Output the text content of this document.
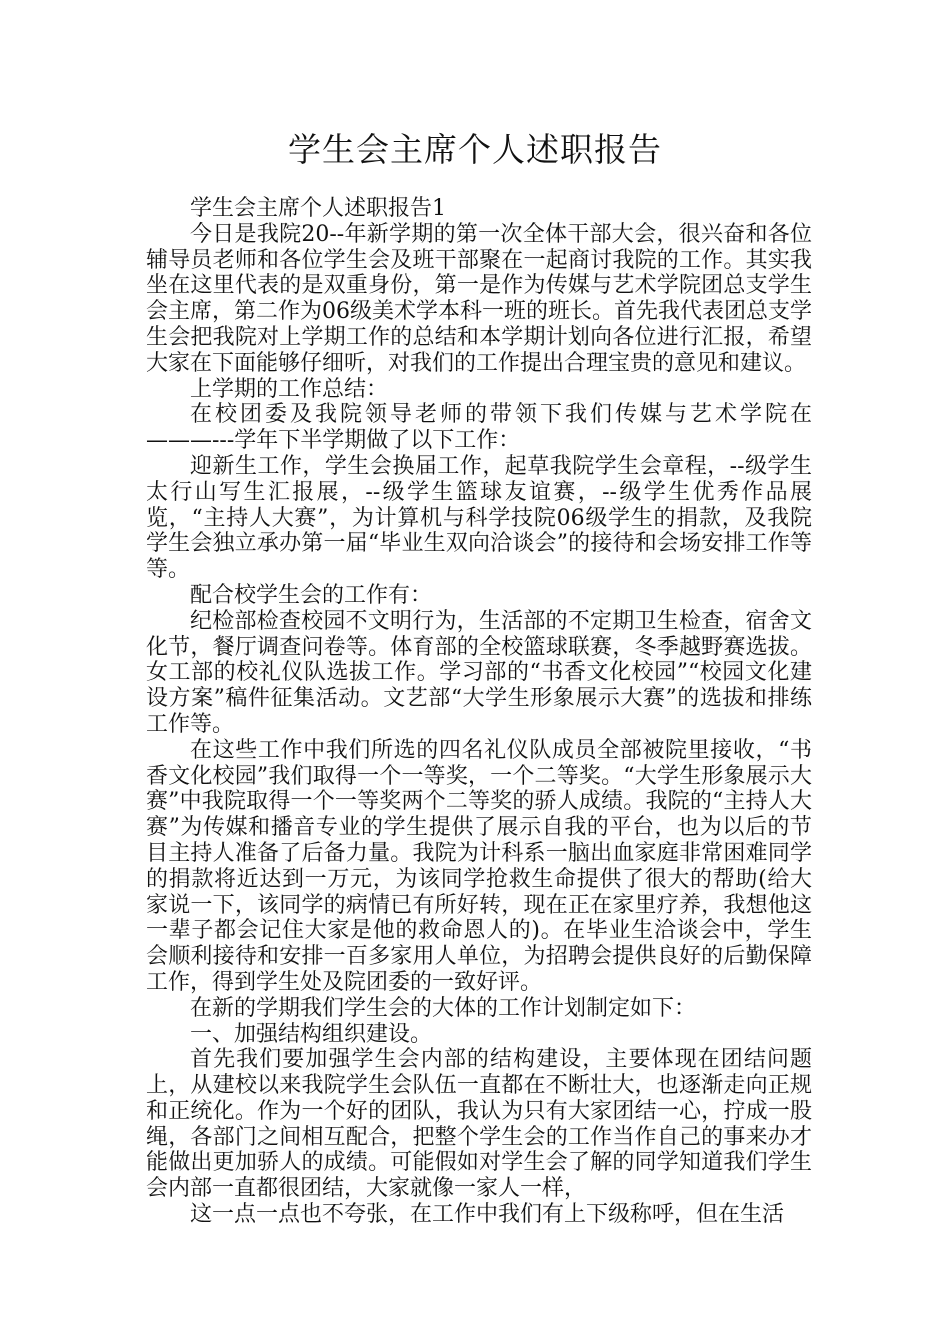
学生会主席个人述职报告

学生会主席个人述职报告1

今日是我院20--年新学期的第一次全体干部大会，很兴奋和各位辅导员老师和各位学生会及班干部聚在一起商讨我院的工作。其实我坐在这里代表的是双重身份，第一是作为传媒与艺术学院团总支学生会主席，第二作为06级美术学本科一班的班长。首先我代表团总支学生会把我院对上学期工作的总结和本学期计划向各位进行汇报，希望大家在下面能够仔细听，对我们的工作提出合理宝贵的意见和建议。

上学期的工作总结：

在校团委及我院领导老师的带领下我们传媒与艺术学院在———---学年下半学期做了以下工作：

迎新生工作，学生会换届工作，起草我院学生会章程，--级学生太行山写生汇报展，--级学生篮球友谊赛，--级学生优秀作品展览，“主持人大赛”，为计算机与科学技院06级学生的捐款，及我院学生会独立承办第一届“毕业生双向洽谈会”的接待和会场安排工作等等。

配合校学生会的工作有：

纪检部检查校园不文明行为，生活部的不定期卫生检查，宿舍文化节，餐厅调查问卷等。体育部的全校篮球联赛，冬季越野赛选拔。女工部的校礼仪队选拔工作。学习部的“书香文化校园”“校园文化建设方案”稿件征集活动。文艺部“大学生形象展示大赛”的选拔和排练工作等。

在这些工作中我们所选的四名礼仪队成员全部被院里接收，“书香文化校园”我们取得一个一等奖，一个二等奖。“大学生形象展示大赛”中我院取得一个一等奖两个二等奖的骄人成绩。我院的“主持人大赛”为传媒和播音专业的学生提供了展示自我的平台，也为以后的节目主持人准备了后备力量。我院为计科系一脑出血家庭非常困难同学的捐款将近达到一万元，为该同学抢救生命提供了很大的帮助(给大家说一下，该同学的病情已有所好转，现在正在家里疗养，我想他这一辈子都会记住大家是他的救命恩人的)。在毕业生洽谈会中，学生会顺利接待和安排一百多家用人单位，为招聘会提供良好的后勤保障工作，得到学生处及院团委的一致好评。

在新的学期我们学生会的大体的工作计划制定如下：

一、加强结构组织建设。

首先我们要加强学生会内部的结构建设，主要体现在团结问题上，从建校以来我院学生会队伍一直都在不断壮大，也逐渐走向正规和正统化。作为一个好的团队，我认为只有大家团结一心，拧成一股绳，各部门之间相互配合，把整个学生会的工作当作自己的事来办才能做出更加骄人的成绩。可能假如对学生会了解的同学知道我们学生会内部一直都很团结，大家就像一家人一样，

这一点一点也不夸张，在工作中我们有上下级称呼，但在生活
